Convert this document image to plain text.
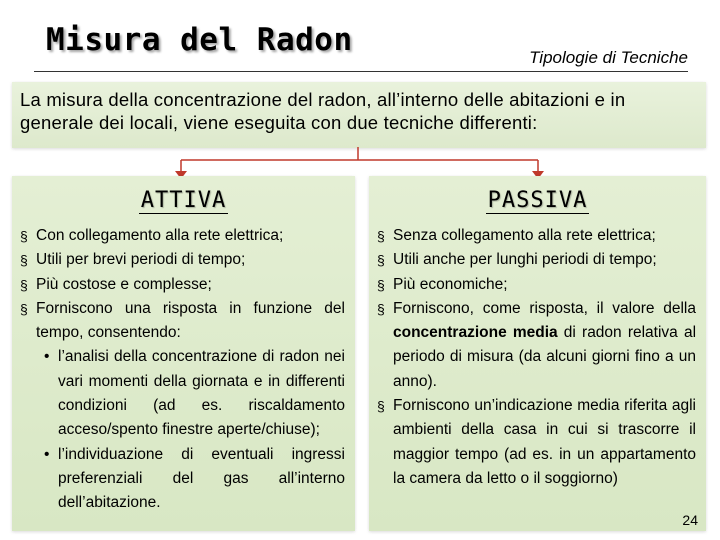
Misura del Radon	Tipologie di Tecniche
La misura della concentrazione del radon, all’interno delle abitazioni e in generale dei locali, viene eseguita con due tecniche differenti:
ATTIVA
§ Con collegamento alla rete elettrica;
§ Utili per brevi periodi di tempo;
§ Più costose e complesse;
§ Forniscono una risposta in funzione del tempo, consentendo:
• l’analisi della concentrazione di radon nei vari momenti della giornata e in differenti condizioni (ad es. riscaldamento acceso/spento finestre aperte/chiuse);
• l’individuazione di eventuali ingressi preferenziali del gas all’interno dell’abitazione.
PASSIVA
§ Senza collegamento alla rete elettrica;
§ Utili anche per lunghi periodi di tempo;
§ Più economiche;
§ Forniscono, come risposta, il valore della concentrazione media di radon relativa al periodo di misura (da alcuni giorni fino a un anno).
§ Forniscono un’indicazione media riferita agli ambienti della casa in cui si trascorre il maggior tempo (ad es. in un appartamento la camera da letto o il soggiorno)
24
